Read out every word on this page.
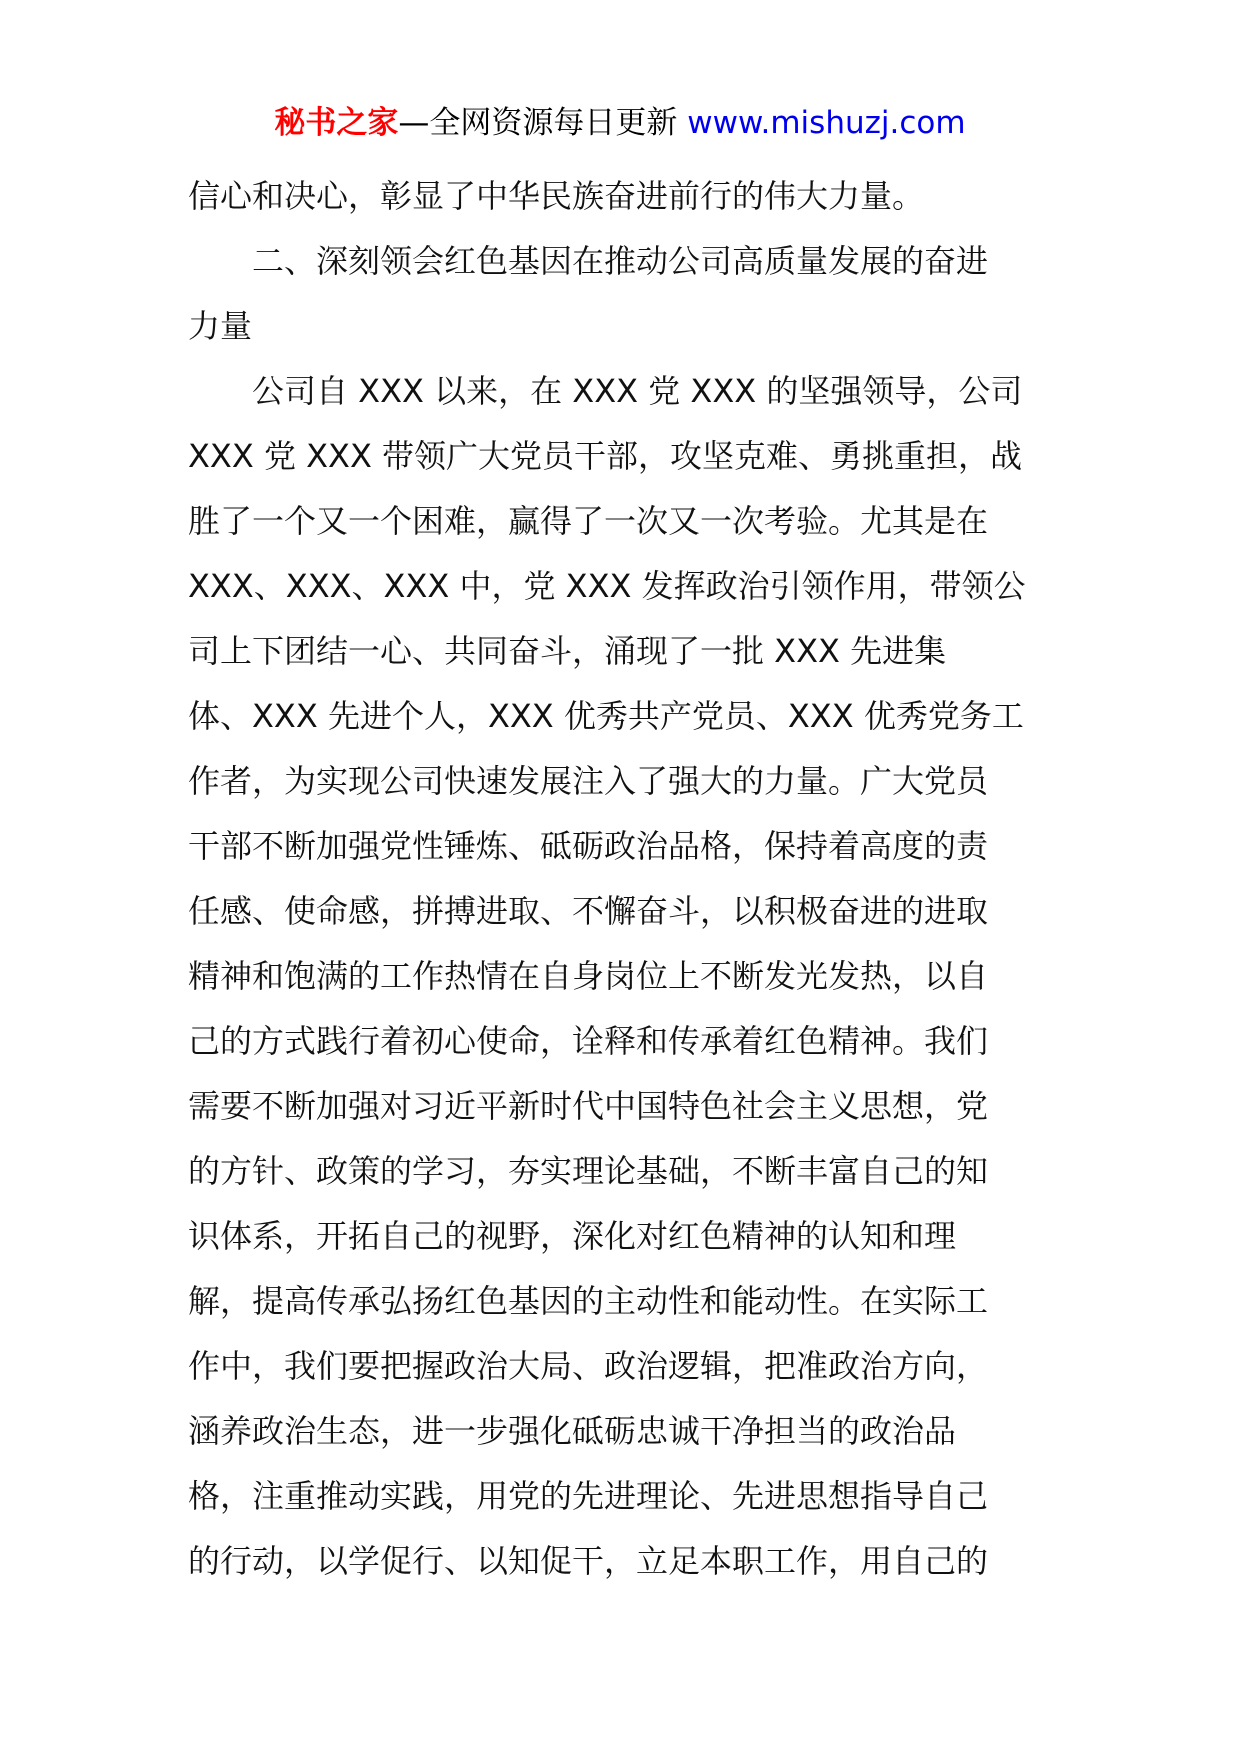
秘书之家—全网资源每日更新 www.mishuzj.com
信心和决心，彰显了中华民族奋进前行的伟大力量。
二、深刻领会红色基因在推动公司高质量发展的奋进
力量
公司自 XXX 以来，在 XXX 党 XXX 的坚强领导，公司
XXX 党 XXX 带领广大党员干部，攻坚克难、勇挑重担，战
胜了一个又一个困难，赢得了一次又一次考验。尤其是在
XXX、XXX、XXX 中，党 XXX 发挥政治引领作用，带领公
司上下团结一心、共同奋斗，涌现了一批 XXX 先进集
体、XXX 先进个人，XXX 优秀共产党员、XXX 优秀党务工
作者，为实现公司快速发展注入了强大的力量。广大党员
干部不断加强党性锤炼、砥砺政治品格，保持着高度的责
任感、使命感，拼搏进取、不懈奋斗，以积极奋进的进取
精神和饱满的工作热情在自身岗位上不断发光发热，以自
己的方式践行着初心使命，诠释和传承着红色精神。我们
需要不断加强对习近平新时代中国特色社会主义思想，党
的方针、政策的学习，夯实理论基础，不断丰富自己的知
识体系，开拓自己的视野，深化对红色精神的认知和理
解，提高传承弘扬红色基因的主动性和能动性。在实际工
作中，我们要把握政治大局、政治逻辑，把准政治方向，
涵养政治生态，进一步强化砥砺忠诚干净担当的政治品
格，注重推动实践，用党的先进理论、先进思想指导自己
的行动，以学促行、以知促干，立足本职工作，用自己的
